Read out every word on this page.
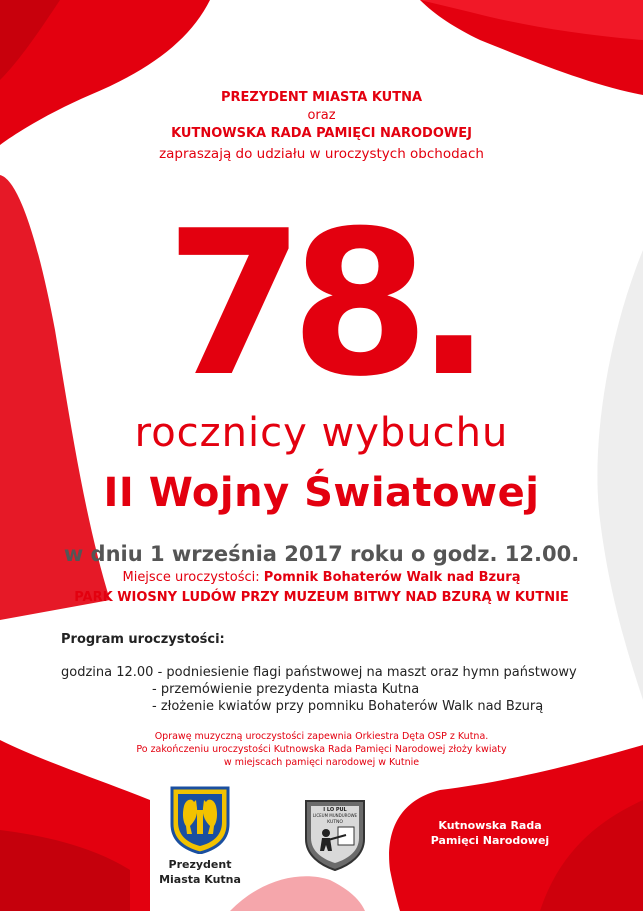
PREZYDENT MIASTA KUTNA
oraz
KUTNOWSKA RADA PAMIĘCI NARODOWEJ
zapraszają do udziału w uroczystych obchodach
78.
rocznicy wybuchu
II Wojny Światowej
w dniu 1 września 2017 roku o godz. 12.00.
Miejsce uroczystości: Pomnik Bohaterów Walk nad Bzurą
PARK WIOSNY LUDÓW PRZY MUZEUM BITWY NAD BZURĄ W KUTNIE
Program uroczystości:
godzina 12.00 - podniesienie flagi państwowej na maszt oraz hymn państwowy
- przemówienie prezydenta miasta Kutna
- złożenie kwiatów przy pomniku Bohaterów Walk nad Bzurą
Oprawę muzyczną uroczystości zapewnia Orkiestra Dęta OSP z Kutna.
Po zakończeniu uroczystości Kutnowska Rada Pamięci Narodowej złoży kwiaty
w miejscach pamięci narodowej w Kutnie
Prezydent
Miasta Kutna
I LO PUL
LICEUM MUNDUROWE
KUTNO	Kutnowska Rada
Pamięci Narodowej
